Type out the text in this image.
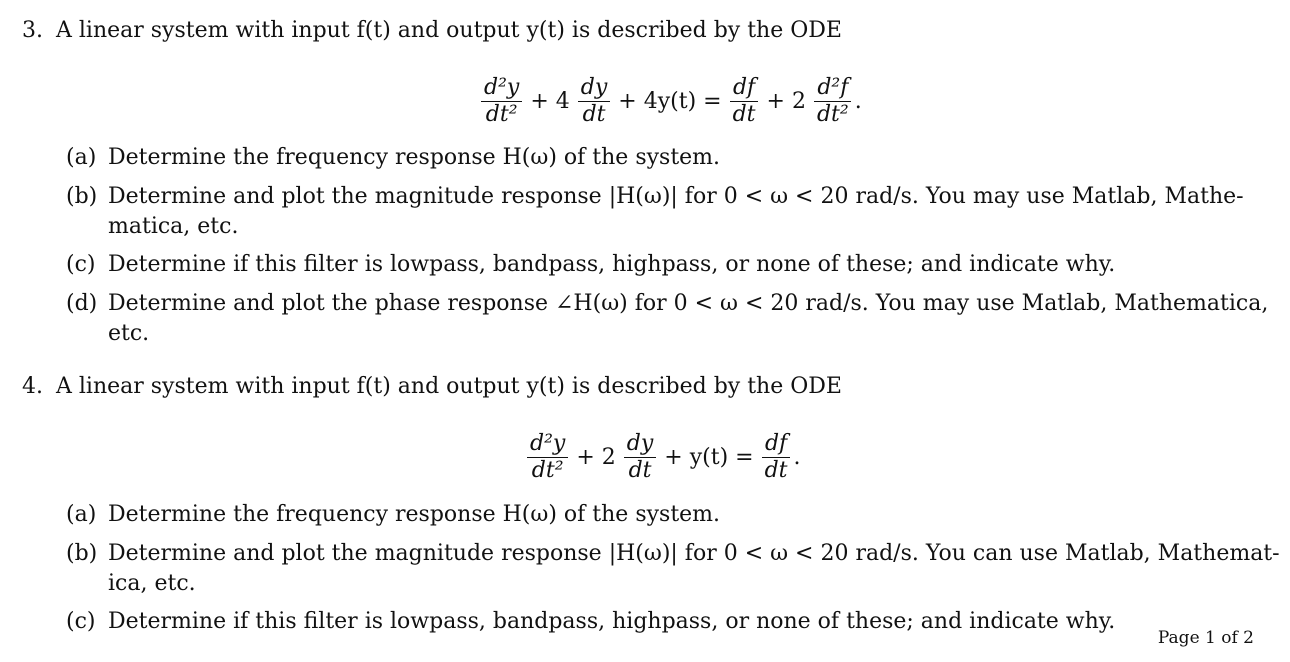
3. A linear system with input f(t) and output y(t) is described by the ODE
$\frac{\text{d²y}}{\text{dt²}} + 4 \frac{dy}{dt} + 4y(t) = \frac{df}{dt} + 2 \frac{\text{d²f}}{\text{dt²}}$ .
(a) Determine the frequency response H(ω) of the system.
(b) Determine and plot the magnitude response |H(ω)| for 0 < ω < 20 rad/s. You may use Matlab, Mathe-
matica, etc.
(c) Determine if this filter is lowpass, bandpass, highpass, or none of these; and indicate why.
(d) Determine and plot the phase response ∠H(ω) for 0 < ω < 20 rad/s. You may use Matlab, Mathematica,
etc.
4. A linear system with input f(t) and output y(t) is described by the ODE
$\frac{\text{d²y}}{\text{dt²}} + 2 \frac{dy}{dt} + y(t) = \frac{df}{dt}$ .
(a) Determine the frequency response H(ω) of the system.
(b) Determine and plot the magnitude response |H(ω)| for 0 < ω < 20 rad/s. You can use Matlab, Mathemat-
ica, etc.
(c) Determine if this filter is lowpass, bandpass, highpass, or none of these; and indicate why.
Page 1 of 2
